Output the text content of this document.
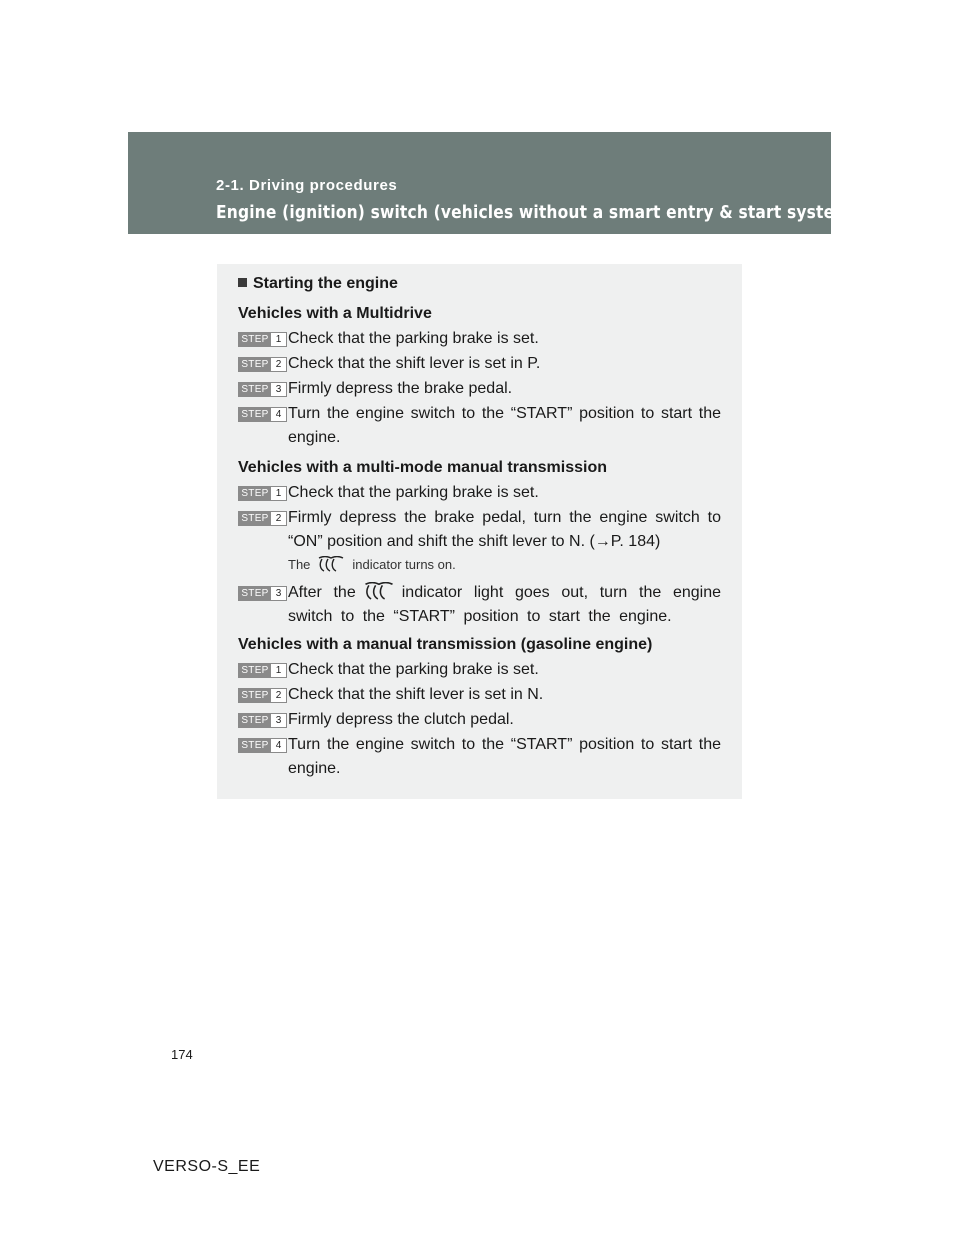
2-1. Driving procedures
Engine (ignition) switch (vehicles without a smart entry & start system)
Starting the engine
Vehicles with a Multidrive
STEP 1 Check that the parking brake is set.
STEP 2 Check that the shift lever is set in P.
STEP 3 Firmly depress the brake pedal.
STEP 4 Turn the engine switch to the “START” position to start the engine.
Vehicles with a multi-mode manual transmission
STEP 1 Check that the parking brake is set.
STEP 2 Firmly depress the brake pedal, turn the engine switch to “ON” position and shift the shift lever to N. (→P. 184)
The	indicator turns on.
STEP 3 After the	indicator light goes out, turn the engine switch to the “START” position to start the engine.
Vehicles with a manual transmission (gasoline engine)
STEP 1 Check that the parking brake is set.
STEP 2 Check that the shift lever is set in N.
STEP 3 Firmly depress the clutch pedal.
STEP 4 Turn the engine switch to the “START” position to start the engine.
174
VERSO-S_EE
